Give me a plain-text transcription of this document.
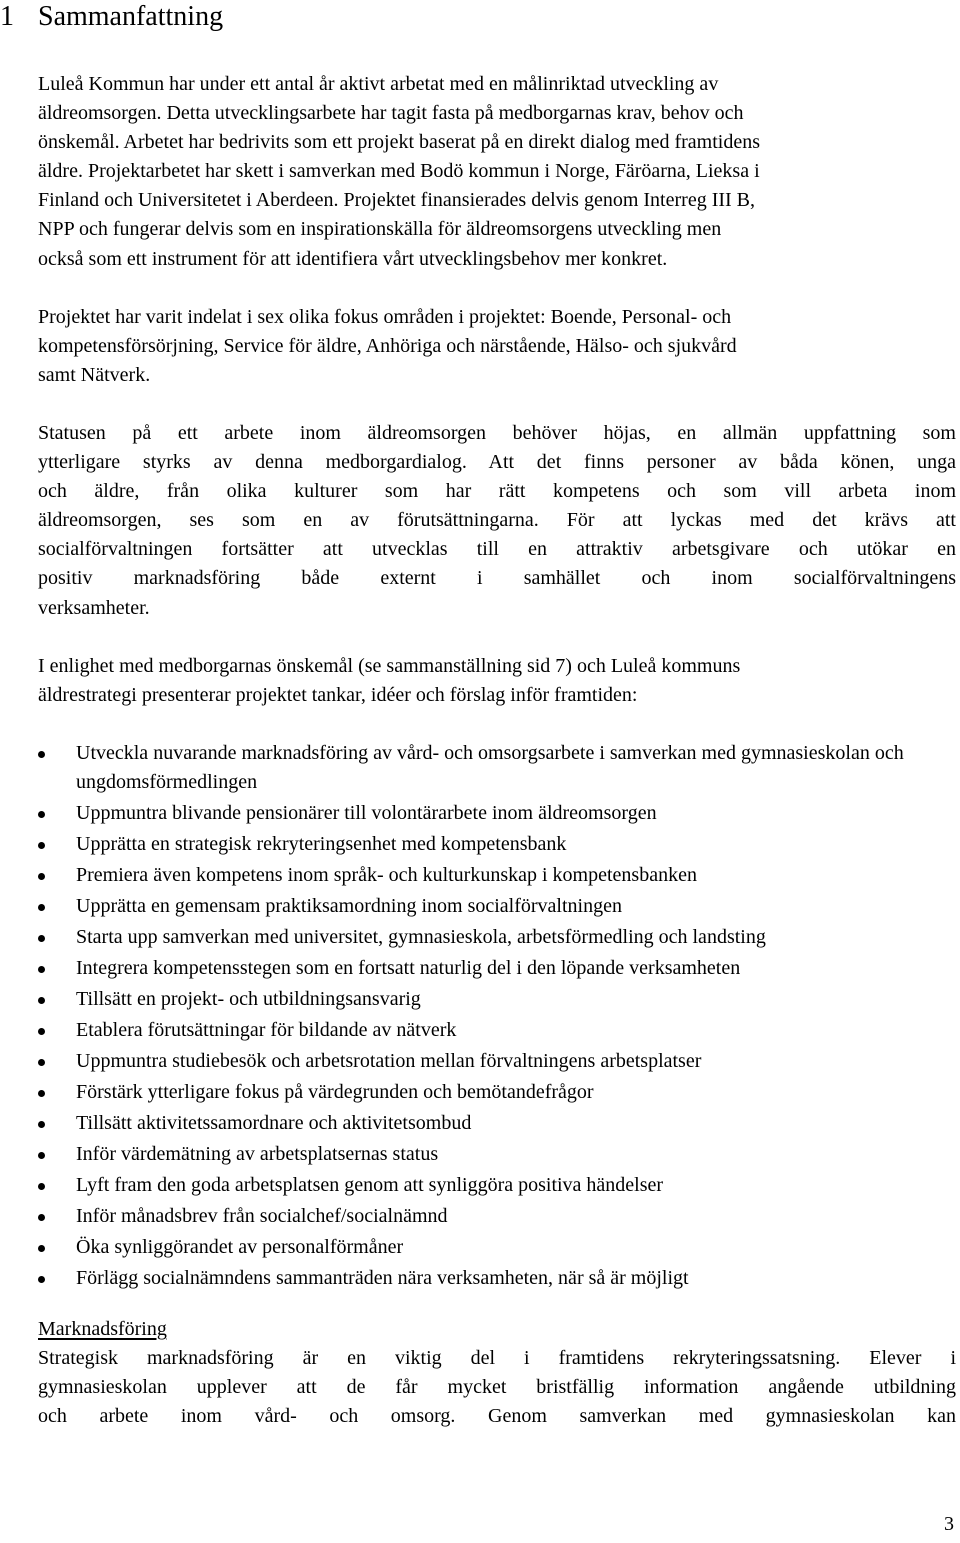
1 Sammanfattning

Luleå Kommun har under ett antal år aktivt arbetat med en målinriktad utveckling av

äldreomsorgen. Detta utvecklingsarbete har tagit fasta på medborgarnas krav, behov och

önskemål. Arbetet har bedrivits som ett projekt baserat på en direkt dialog med framtidens

äldre. Projektarbetet har skett i samverkan med Bodö kommun i Norge, Färöarna, Lieksa i

Finland och Universitetet i Aberdeen. Projektet finansierades delvis genom Interreg III B,

NPP och fungerar delvis som en inspirationskälla för äldreomsorgens utveckling men

också som ett instrument för att identifiera vårt utvecklingsbehov mer konkret.

Projektet har varit indelat i sex olika fokus områden i projektet: Boende, Personal- och

kompetensförsörjning, Service för äldre, Anhöriga och närstående, Hälso- och sjukvård

samt Nätverk.

Statusen på ett arbete inom äldreomsorgen behöver höjas, en allmän uppfattning som

ytterligare styrks av denna medborgardialog. Att det finns personer av båda könen, unga

och äldre, från olika kulturer som har rätt kompetens och som vill arbeta inom

äldreomsorgen, ses som en av förutsättningarna. För att lyckas med det krävs att

socialförvaltningen fortsätter att utvecklas till en attraktiv arbetsgivare och utökar en

positiv marknadsföring både externt i samhället och inom socialförvaltningens

verksamheter.

I enlighet med medborgarnas önskemål (se sammanställning sid 7) och Luleå kommuns

äldrestrategi presenterar projektet tankar, idéer och förslag inför framtiden:

Utveckla nuvarande marknadsföring av vård- och omsorgsarbete i samverkan med gymnasieskolan och ungdomsförmedlingen
Uppmuntra blivande pensionärer till volontärarbete inom äldreomsorgen
Upprätta en strategisk rekryteringsenhet med kompetensbank
Premiera även kompetens inom språk- och kulturkunskap i kompetensbanken
Upprätta en gemensam praktiksamordning inom socialförvaltningen
Starta upp samverkan med universitet, gymnasieskola, arbetsförmedling och landsting
Integrera kompetensstegen som en fortsatt naturlig del i den löpande verksamheten
Tillsätt en projekt- och utbildningsansvarig
Etablera förutsättningar för bildande av nätverk
Uppmuntra studiebesök och arbetsrotation mellan förvaltningens arbetsplatser
Förstärk ytterligare fokus på värdegrunden och bemötandefrågor
Tillsätt aktivitetssamordnare och aktivitetsombud
Inför värdemätning av arbetsplatsernas status
Lyft fram den goda arbetsplatsen genom att synliggöra positiva händelser
Inför månadsbrev från socialchef/socialnämnd
Öka synliggörandet av personalförmåner
Förlägg socialnämndens sammanträden nära verksamheten, när så är möjligt

Marknadsföring

Strategisk marknadsföring är en viktig del i framtidens rekryteringssatsning. Elever i

gymnasieskolan upplever att de får mycket bristfällig information angående utbildning

och arbete inom vård- och omsorg. Genom samverkan med gymnasieskolan kan

3
